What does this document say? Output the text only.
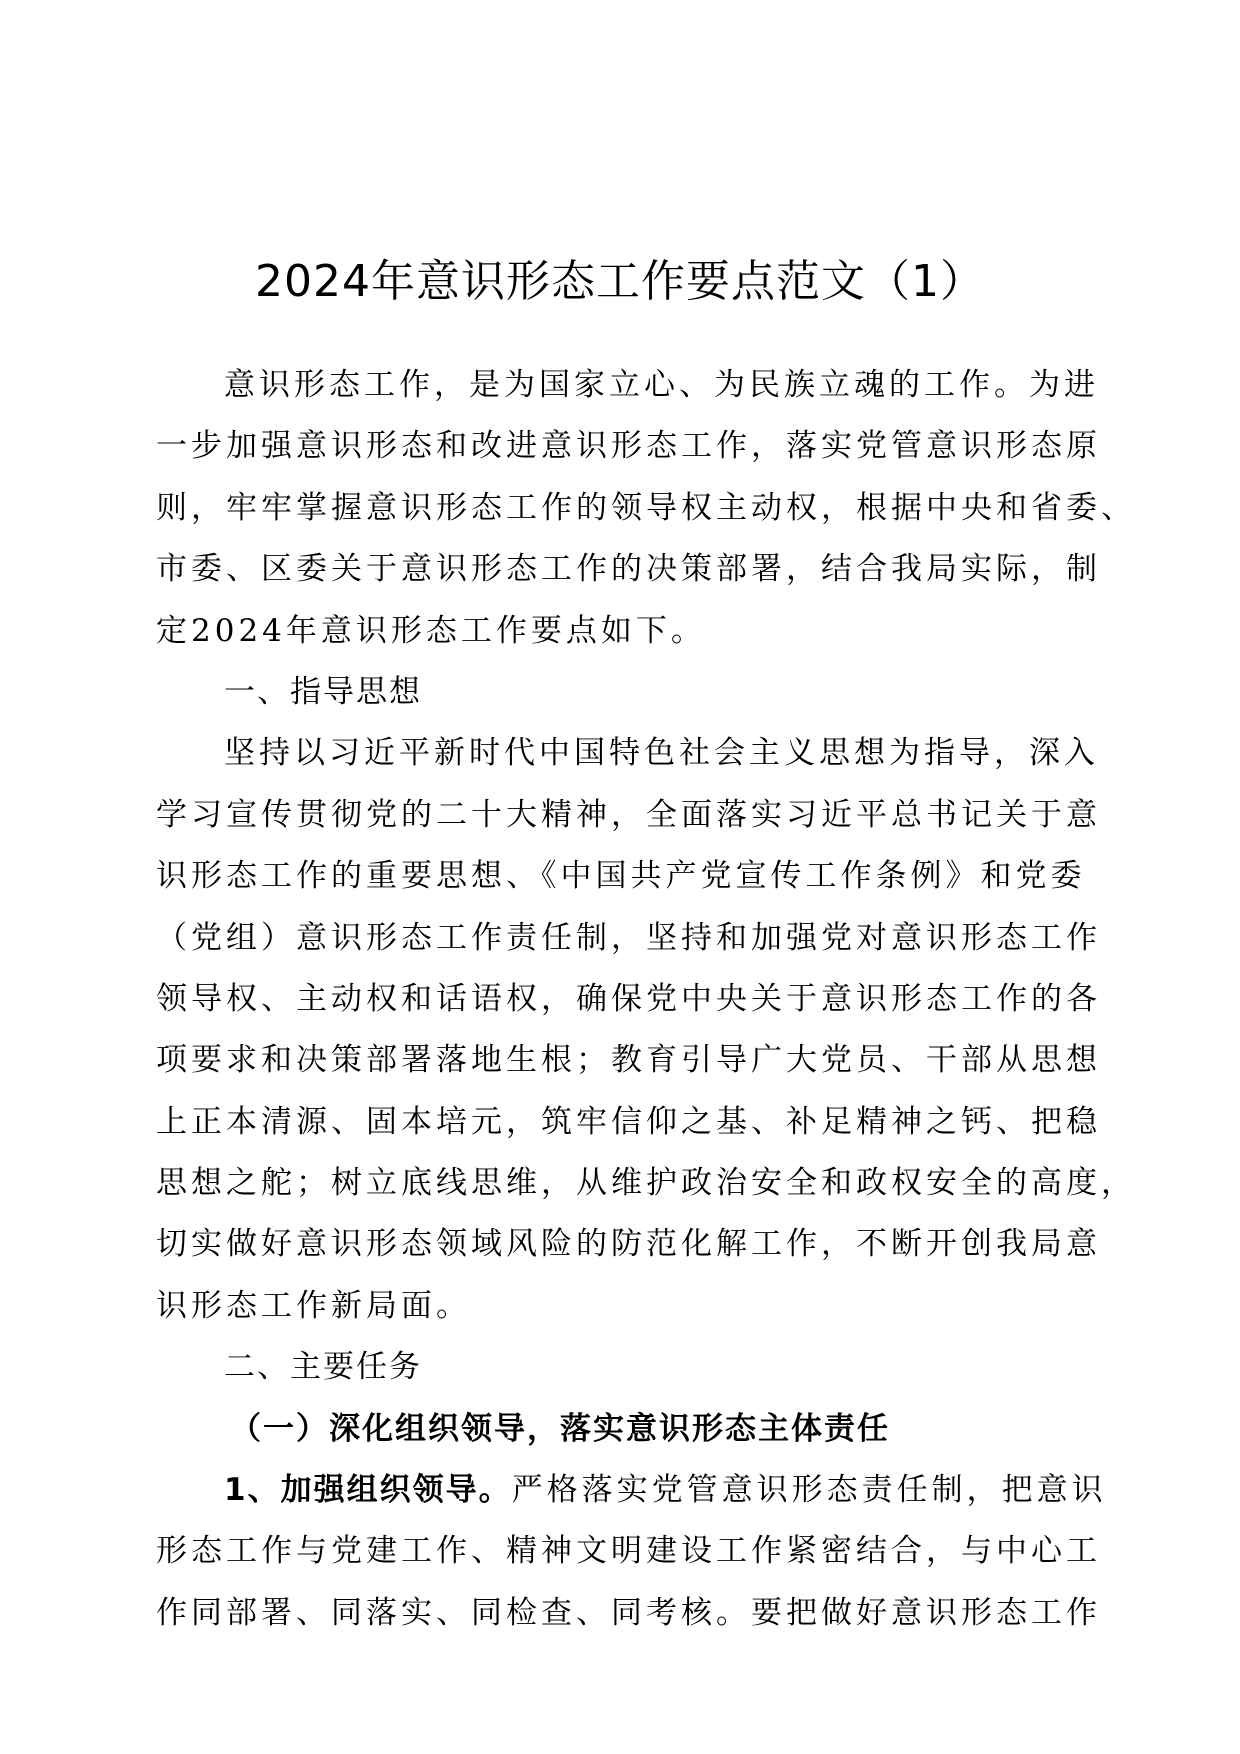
2024年意识形态工作要点范文（1）
意识形态工作，是为国家立心、为民族立魂的工作。为进
一步加强意识形态和改进意识形态工作，落实党管意识形态原
则，牢牢掌握意识形态工作的领导权主动权，根据中央和省委、
市委、区委关于意识形态工作的决策部署，结合我局实际，制
定2024年意识形态工作要点如下。
一、指导思想
坚持以习近平新时代中国特色社会主义思想为指导，深入
学习宣传贯彻党的二十大精神，全面落实习近平总书记关于意
识形态工作的重要思想、《中国共产党宣传工作条例》和党委
（党组）意识形态工作责任制，坚持和加强党对意识形态工作
领导权、主动权和话语权，确保党中央关于意识形态工作的各
项要求和决策部署落地生根；教育引导广大党员、干部从思想
上正本清源、固本培元，筑牢信仰之基、补足精神之钙、把稳
思想之舵；树立底线思维，从维护政治安全和政权安全的高度，
切实做好意识形态领域风险的防范化解工作，不断开创我局意
识形态工作新局面。
二、主要任务
（一）深化组织领导，落实意识形态主体责任
1、加强组织领导。严格落实党管意识形态责任制，把意识
形态工作与党建工作、精神文明建设工作紧密结合，与中心工
作同部署、同落实、同检查、同考核。要把做好意识形态工作
